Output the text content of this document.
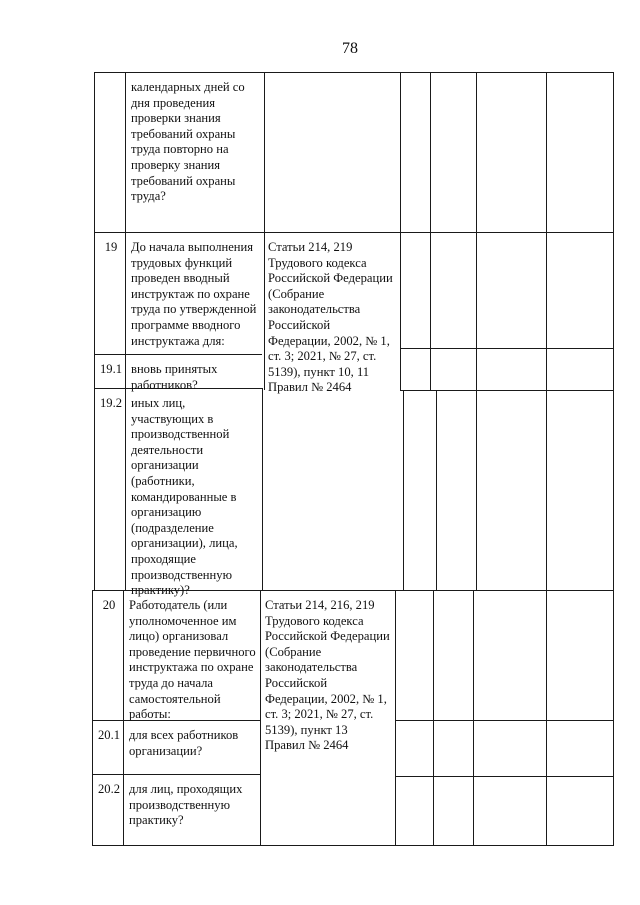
78
календарных дней со
дня проведения
проверки знания
требований охраны
труда повторно на
проверку знания
требований охраны
труда?
19	До начала выполнения
трудовых функций
проведен вводный
инструктаж по охране
труда по утвержденной
программе вводного
инструктажа для:
Статьи 214, 219
Трудового кодекса
Российской Федерации
(Собрание
законодательства
Российской
Федерации, 2002, № 1,
ст. 3; 2021, № 27, ст.
5139), пункт 10, 11
Правил № 2464
19.1 вновь принятых
работников?
19.2 иных лиц,
участвующих в
производственной
деятельности
организации
(работники,
командированные в
организацию
(подразделение
организации), лица,
проходящие
производственную
практику)?
20	Работодатель (или
уполномоченное им
лицо) организовал
проведение первичного
инструктажа по охране
труда до начала
самостоятельной
работы:
Статьи 214, 216, 219
Трудового кодекса
Российской Федерации
(Собрание
законодательства
Российской
Федерации, 2002, № 1,
ст. 3; 2021, № 27, ст.
5139), пункт 13
Правил № 2464
20.1 для всех работников
организации?
20.2 для лиц, проходящих
производственную
практику?
